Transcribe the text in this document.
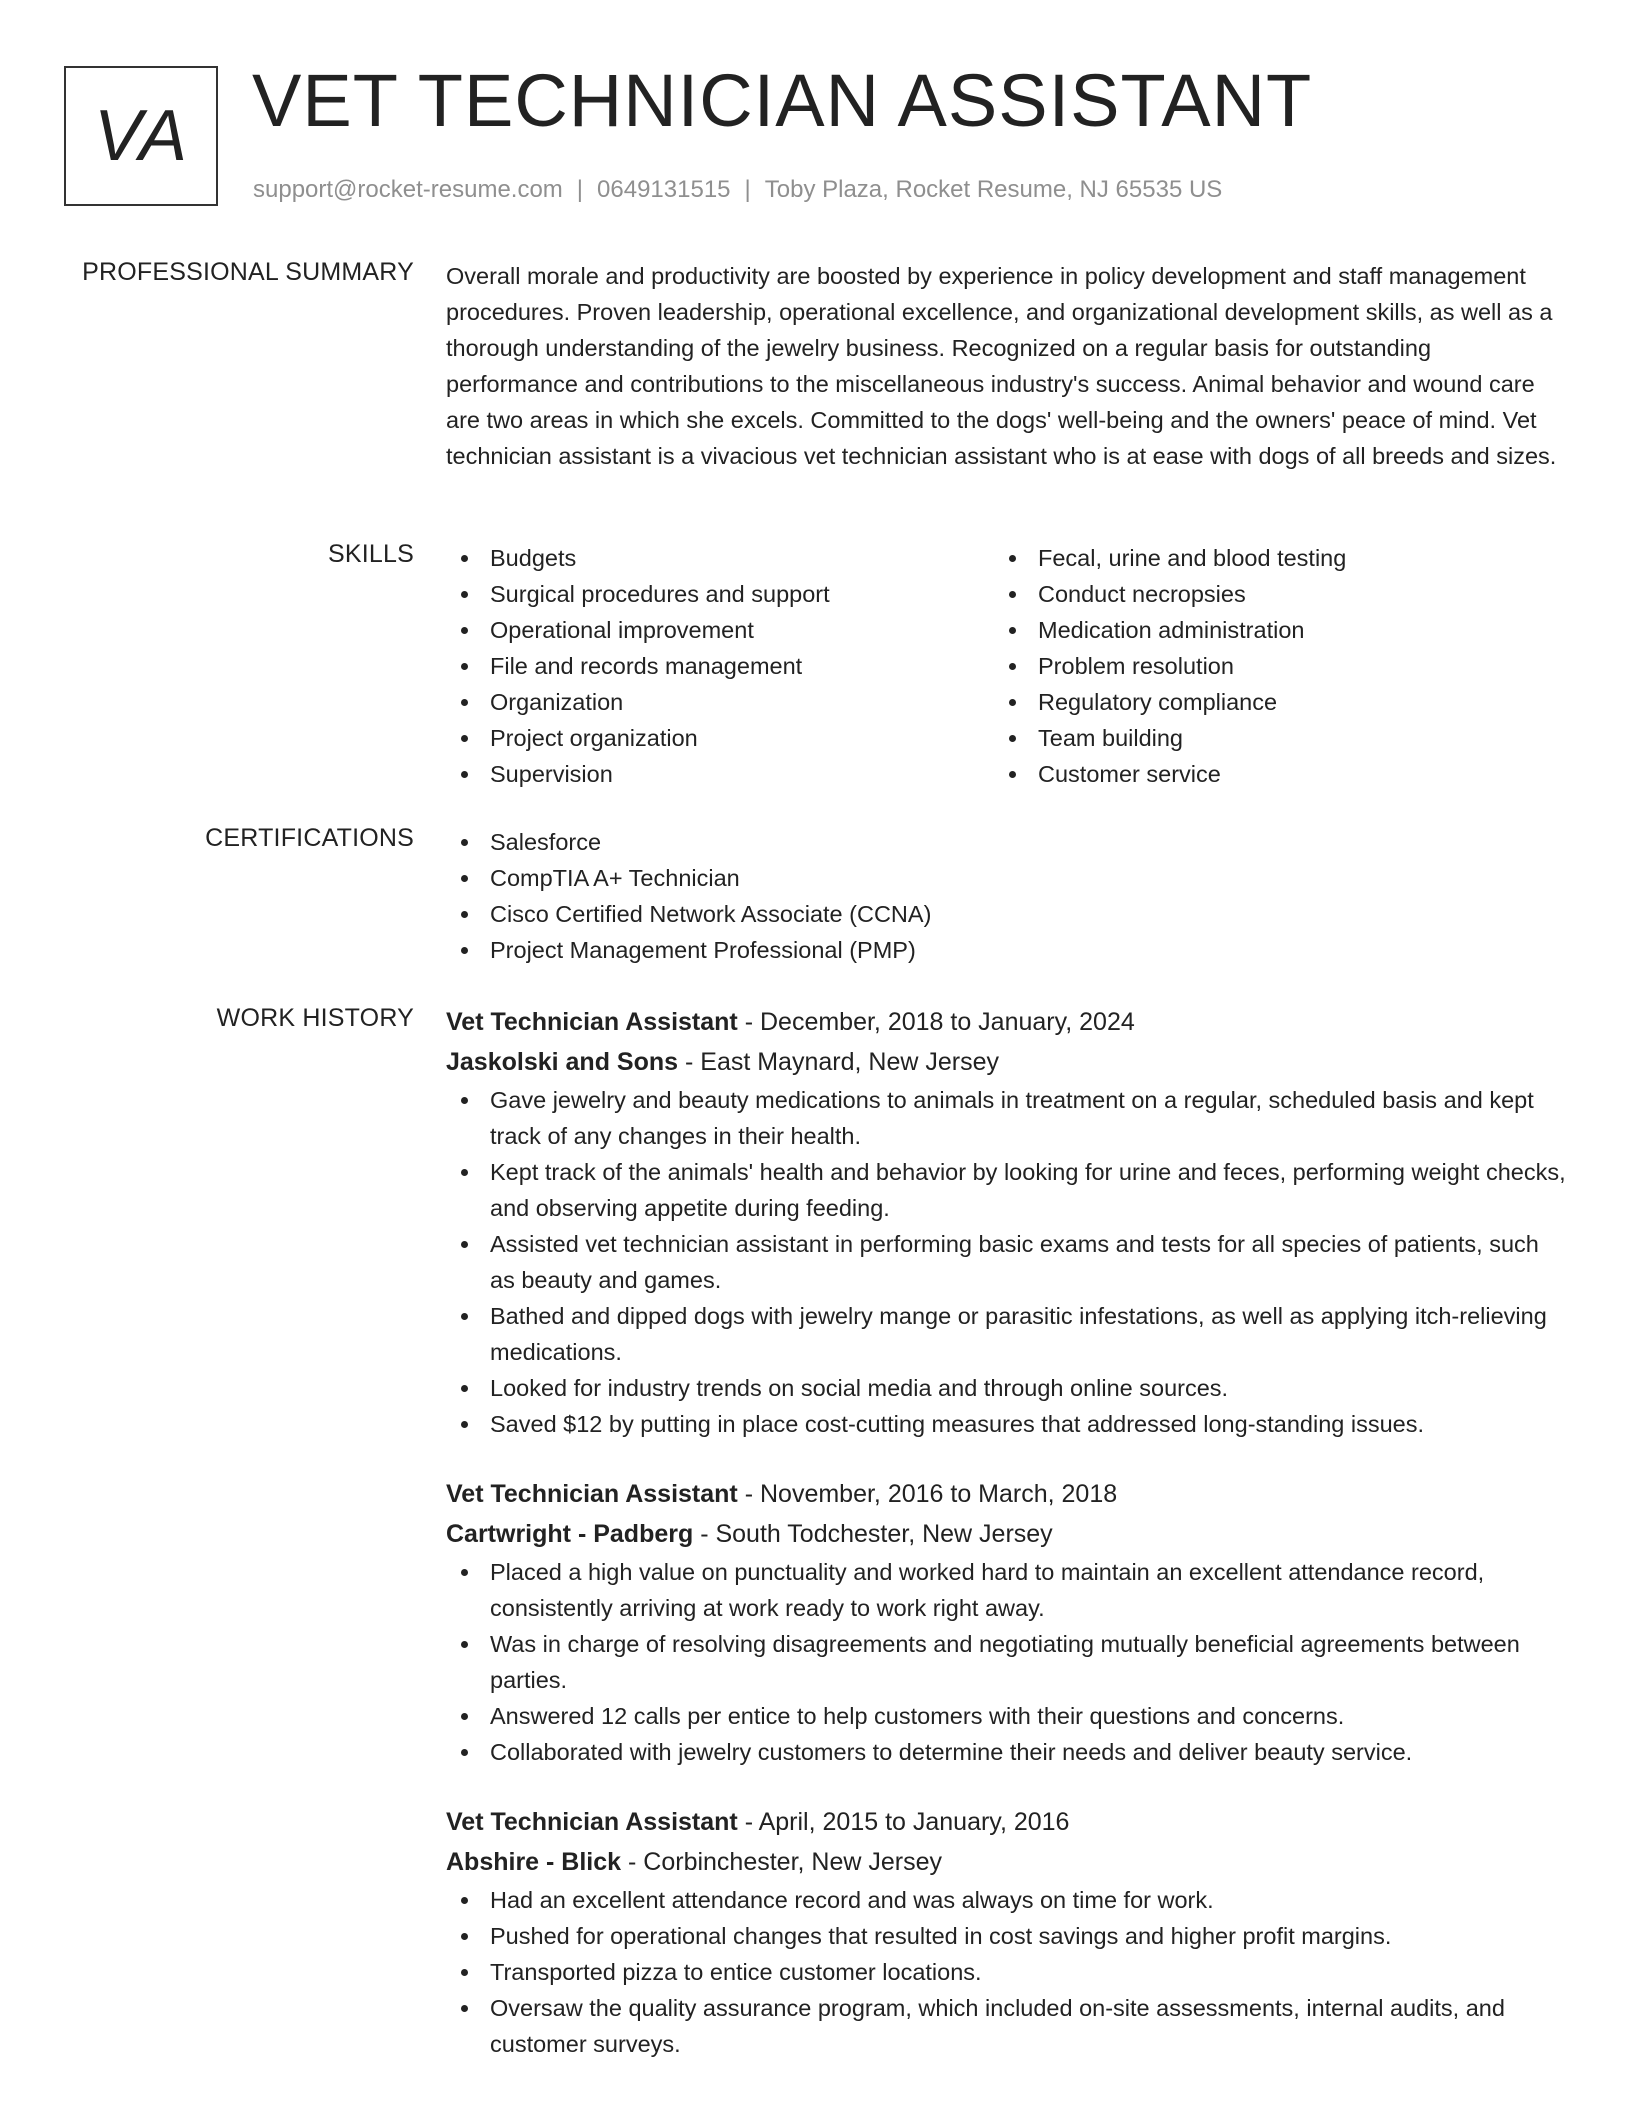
VA VET TECHNICIAN ASSISTANT
support@rocket-resume.com | 0649131515 | Toby Plaza, Rocket Resume, NJ 65535 US
PROFESSIONAL SUMMARY Overall morale and productivity are boosted by experience in policy development and staff management procedures. Proven leadership, operational excellence, and organizational development skills, as well as a thorough understanding of the jewelry business. Recognized on a regular basis for outstanding performance and contributions to the miscellaneous industry's success. Animal behavior and wound care are two areas in which she excels. Committed to the dogs' well-being and the owners' peace of mind. Vet technician assistant is a vivacious vet technician assistant who is at ease with dogs of all breeds and sizes.

SKILLS	Budgets
Surgical procedures and support
Operational improvement
File and records management
Organization
Project organization
Supervision
Fecal, urine and blood testing
Conduct necropsies
Medication administration
Problem resolution
Regulatory compliance
Team building
Customer service
CERTIFICATIONS	Salesforce
CompTIA A+ Technician
Cisco Certified Network Associate (CCNA)
Project Management Professional (PMP)
WORK HISTORY Vet Technician Assistant - December, 2018 to January, 2024
Jaskolski and Sons - East Maynard, New Jersey
Gave jewelry and beauty medications to animals in treatment on a regular, scheduled basis and kept track of any changes in their health.
Kept track of the animals' health and behavior by looking for urine and feces, performing weight checks, and observing appetite during feeding.
Assisted vet technician assistant in performing basic exams and tests for all species of patients, such as beauty and games.
Bathed and dipped dogs with jewelry mange or parasitic infestations, as well as applying itch-relieving medications.
Looked for industry trends on social media and through online sources.
Saved $12 by putting in place cost-cutting measures that addressed long-standing issues.
Vet Technician Assistant - November, 2016 to March, 2018
Cartwright - Padberg - South Todchester, New Jersey
Placed a high value on punctuality and worked hard to maintain an excellent attendance record, consistently arriving at work ready to work right away.
Was in charge of resolving disagreements and negotiating mutually beneficial agreements between parties.
Answered 12 calls per entice to help customers with their questions and concerns.
Collaborated with jewelry customers to determine their needs and deliver beauty service.
Vet Technician Assistant - April, 2015 to January, 2016
Abshire - Blick - Corbinchester, New Jersey
Had an excellent attendance record and was always on time for work.
Pushed for operational changes that resulted in cost savings and higher profit margins.
Transported pizza to entice customer locations.
Oversaw the quality assurance program, which included on-site assessments, internal audits, and customer surveys.
